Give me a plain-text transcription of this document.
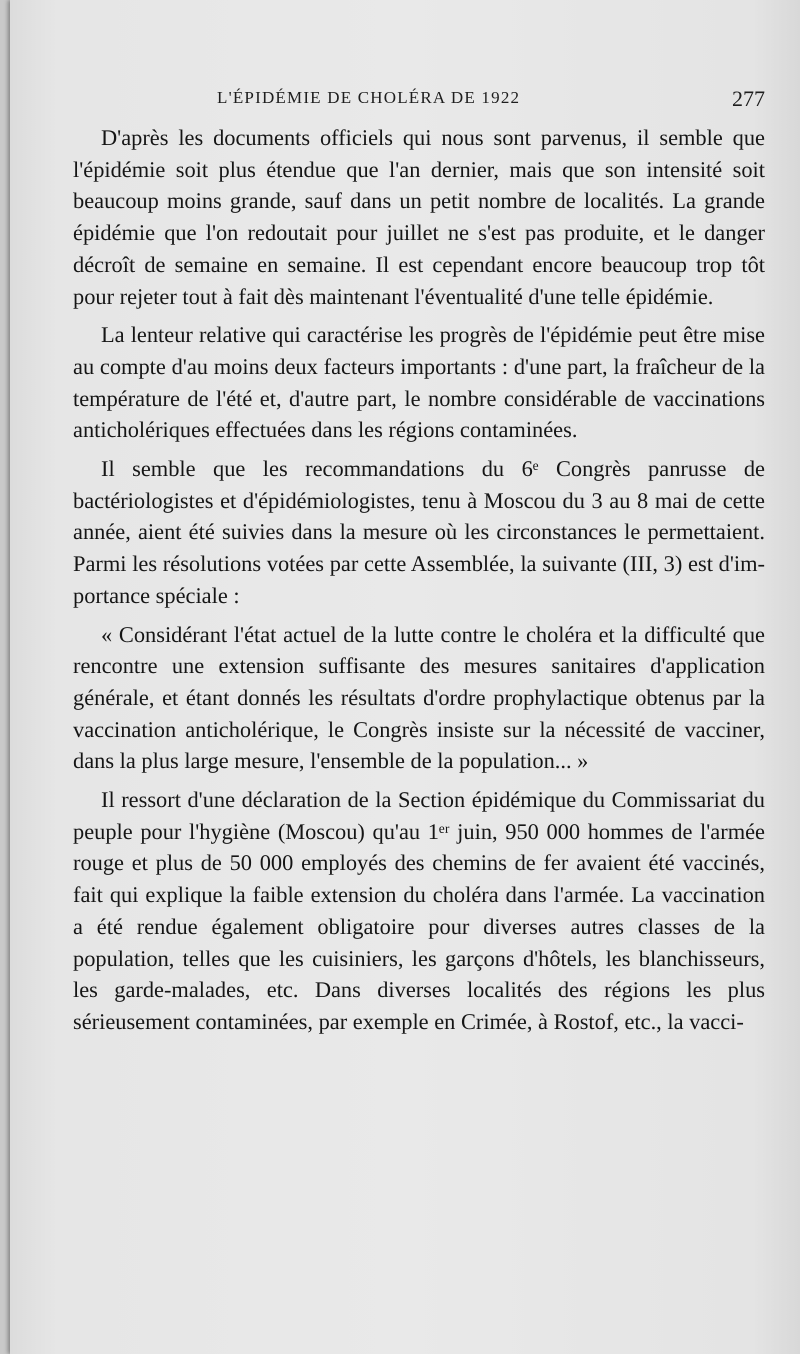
L'ÉPIDÉMIE DE CHOLÉRA DE 1922	277

D'après les documents officiels qui nous sont parvenus, il semble que l'épidémie soit plus étendue que l'an dernier, mais que son intensité soit beaucoup moins grande, sauf dans un petit nombre de localités. La grande épidémie que l'on redoutait pour juillet ne s'est pas produite, et le danger décroît de semaine en semaine. Il est cependant encore beaucoup trop tôt pour rejeter tout à fait dès maintenant l'éventualité d'une telle épidémie.

La lenteur relative qui caractérise les progrès de l'épidémie peut être mise au compte d'au moins deux facteurs importants : d'une part, la fraîcheur de la température de l'été et, d'autre part, le nombre considérable de vaccinations anticholériques effectuées dans les régions contaminées.

Il semble que les recommandations du 6ᵉ Congrès panrusse de bactériologistes et d'épidémiologistes, tenu à Moscou du 3 au 8 mai de cette année, aient été suivies dans la mesure où les circonstances le permettaient. Parmi les résolutions votées par cette Assemblée, la suivante (III, 3) est d'importance spéciale :

« Considérant l'état actuel de la lutte contre le choléra et la difficulté que rencontre une extension suffisante des mesures sanitaires d'application générale, et étant donnés les résultats d'ordre prophylactique obtenus par la vaccination anticholérique, le Congrès insiste sur la nécessité de vacciner, dans la plus large mesure, l'ensemble de la population... »

Il ressort d'une déclaration de la Section épidémique du Commissariat du peuple pour l'hygiène (Moscou) qu'au 1ᵉʳ juin, 950 000 hommes de l'armée rouge et plus de 50 000 employés des chemins de fer avaient été vaccinés, fait qui explique la faible extension du choléra dans l'armée. La vaccination a été rendue également obligatoire pour diverses autres classes de la population, telles que les cuisiniers, les garçons d'hôtels, les blanchisseurs, les garde-malades, etc. Dans diverses localités des régions les plus sérieusement contaminées, par exemple en Crimée, à Rostof, etc., la vacci-
